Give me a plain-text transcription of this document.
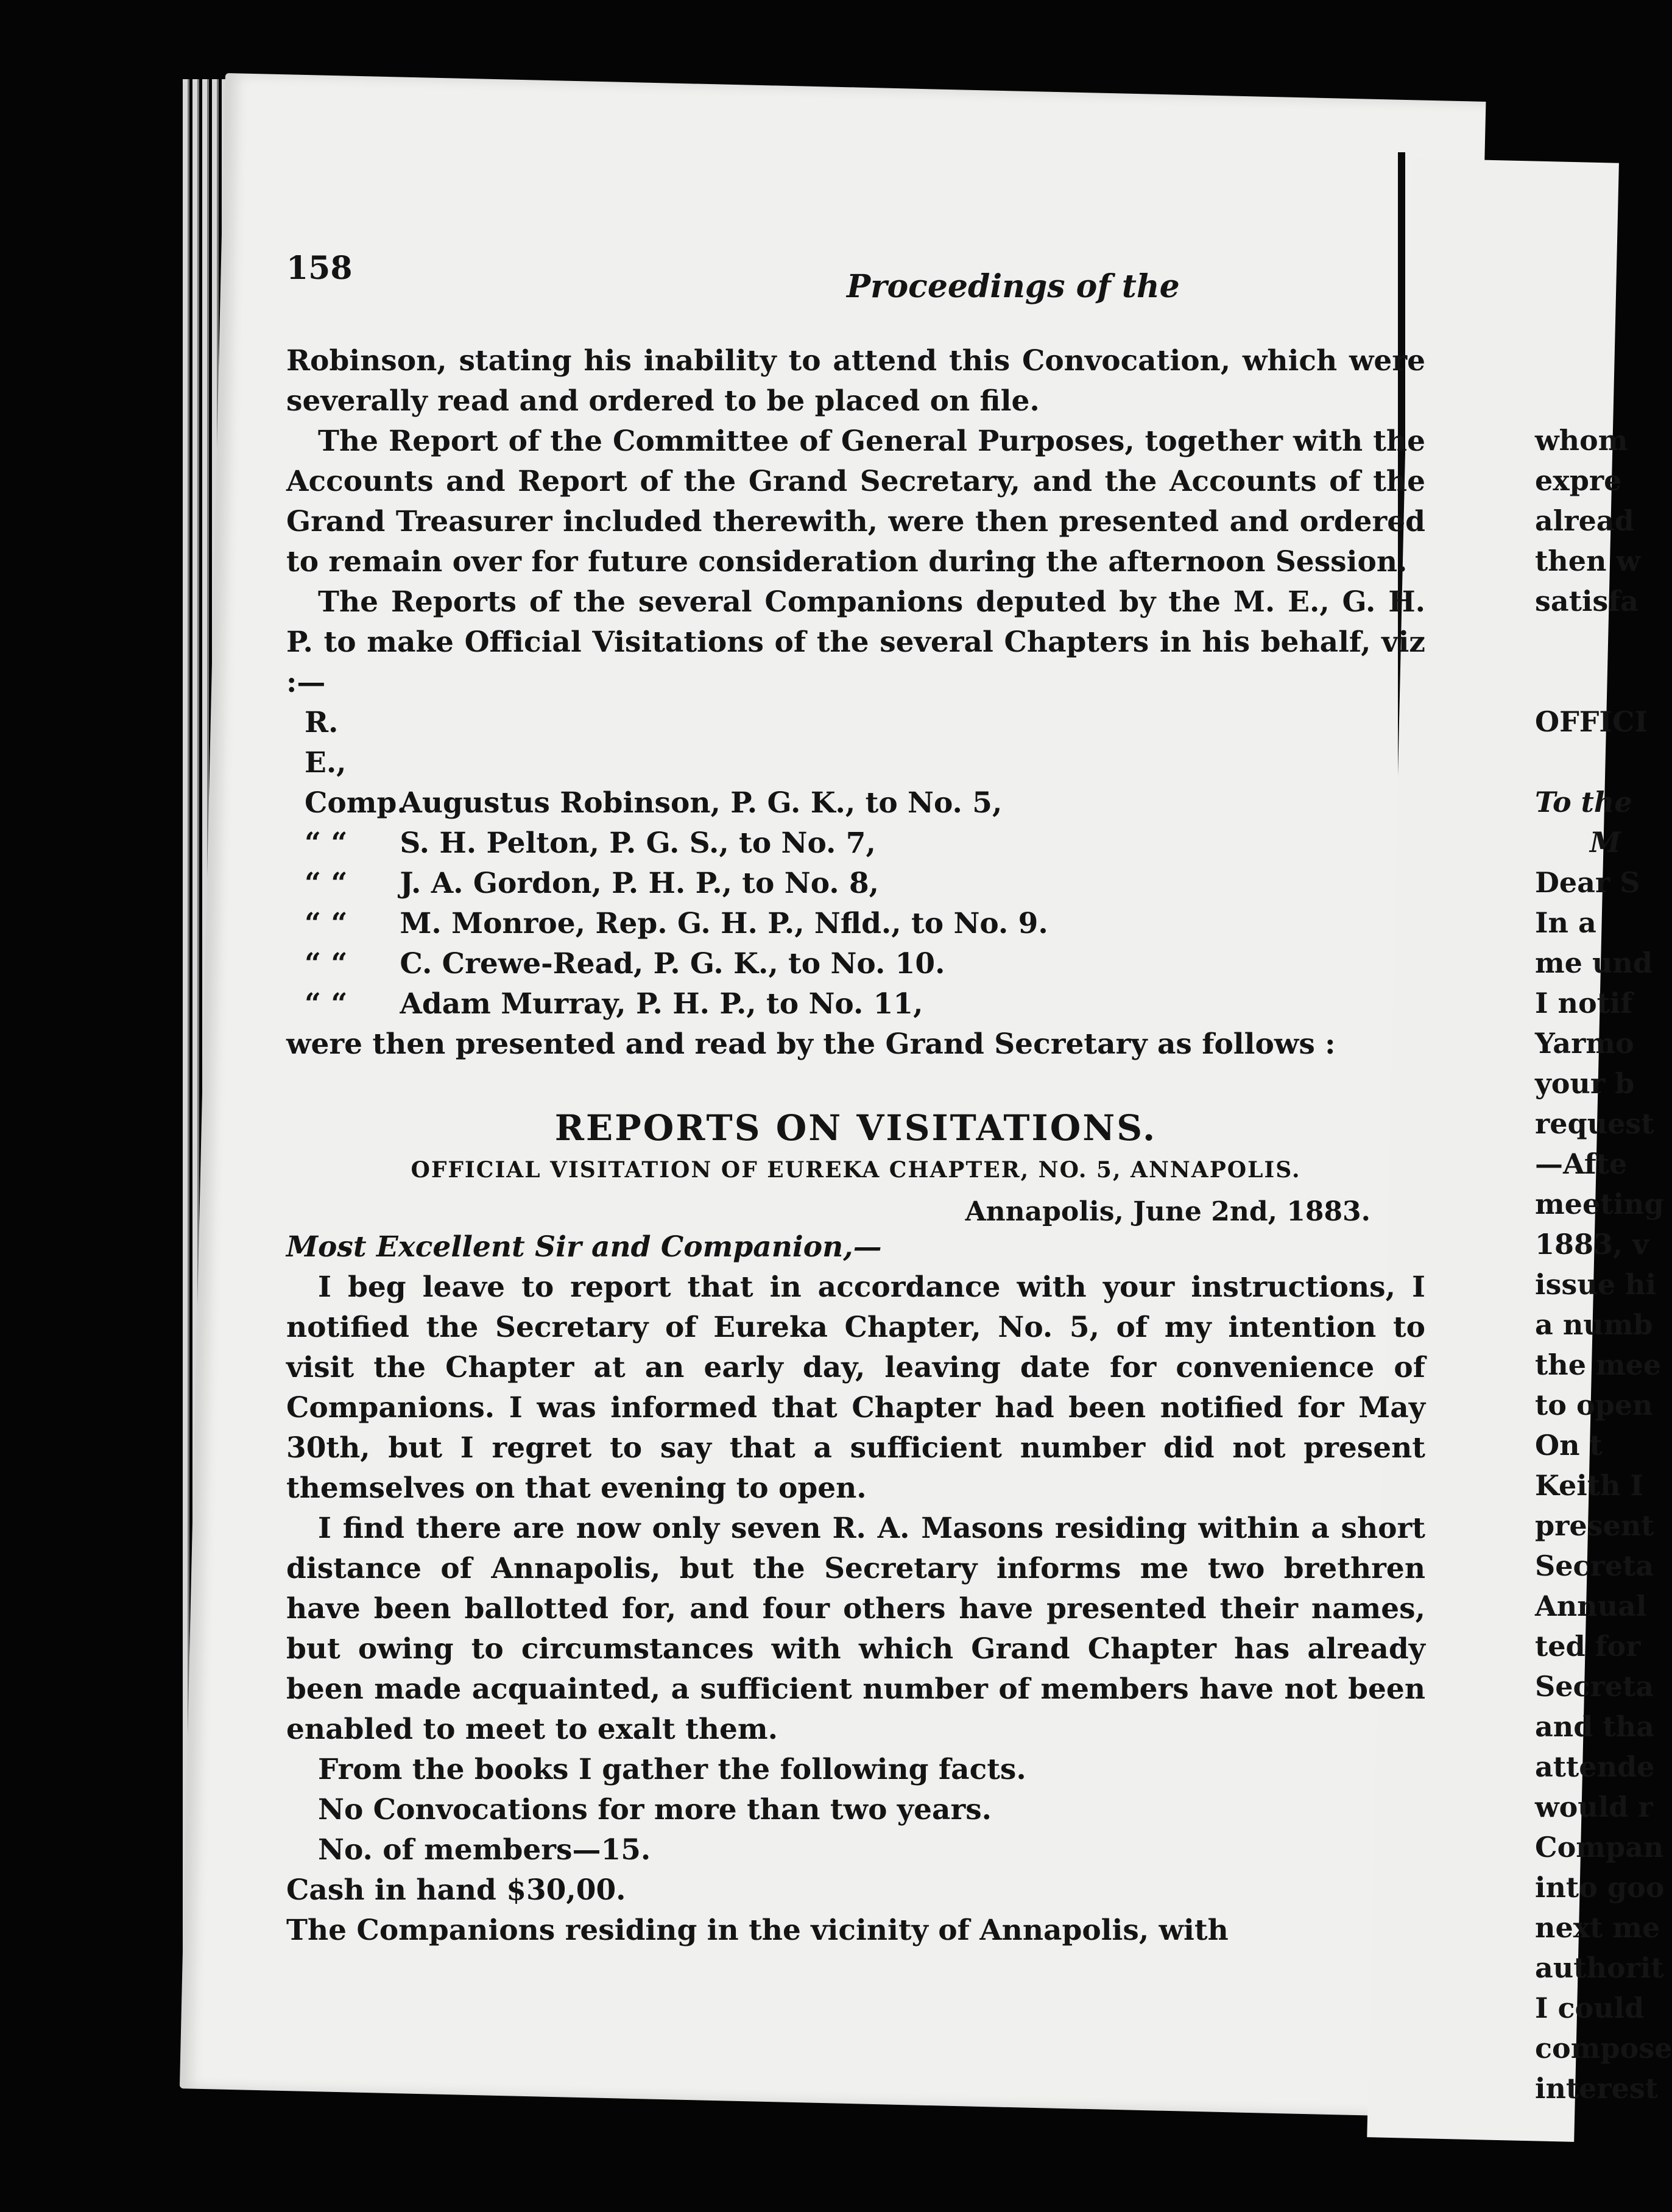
158	Proceedings of the

Robinson, stating his inability to attend this Convocation, which were severally read and ordered to be placed on file.

The Report of the Committee of General Purposes, together with the Accounts and Report of the Grand Secretary, and the Accounts of the Grand Treasurer included therewith, were then presented and ordered to remain over for future consideration during the afternoon Session.

The Reports of the several Companions deputed by the M. E., G. H. P. to make Official Visitations of the several Chapters in his behalf, viz :—

R. E., Comp. Augustus Robinson, P. G. K., to No. 5,
“ “ S. H. Pelton, P. G. S., to No. 7,
“ “ J. A. Gordon, P. H. P., to No. 8,
“ “ M. Monroe, Rep. G. H. P., Nfld., to No. 9.
“ “ C. Crewe-Read, P. G. K., to No. 10.
“ “ Adam Murray, P. H. P., to No. 11,

were then presented and read by the Grand Secretary as follows :

REPORTS ON VISITATIONS.
OFFICIAL VISITATION OF EUREKA CHAPTER, NO. 5, ANNAPOLIS.
Annapolis, June 2nd, 1883.
Most Excellent Sir and Companion,—

I beg leave to report that in accordance with your instructions, I notified the Secretary of Eureka Chapter, No. 5, of my intention to visit the Chapter at an early day, leaving date for convenience of Companions. I was informed that Chapter had been notified for May 30th, but I regret to say that a sufficient number did not present themselves on that evening to open.

I find there are now only seven R. A. Masons residing within a short distance of Annapolis, but the Secretary informs me two brethren have been ballotted for, and four others have presented their names, but owing to circumstances with which Grand Chapter has already been made acquainted, a sufficient number of members have not been enabled to meet to exalt them.

From the books I gather the following facts.

No Convocations for more than two years.

No. of members—15.

Cash in hand $30,00.

The Companions residing in the vicinity of Annapolis, with

whom
expre
alread
then w
satisfa

OFFICI

To the
M
Dear S
In a
me und
I notif
Yarmo
your b
request
—Afte
meeting
1883, v
issue hi
a numb
the mee
to open
On t
Keith I
present
Secreta
Annual
ted for
Secreta
and tha
attende
would r
Compan
into goo
next me
authorit
I could
compose
interest
